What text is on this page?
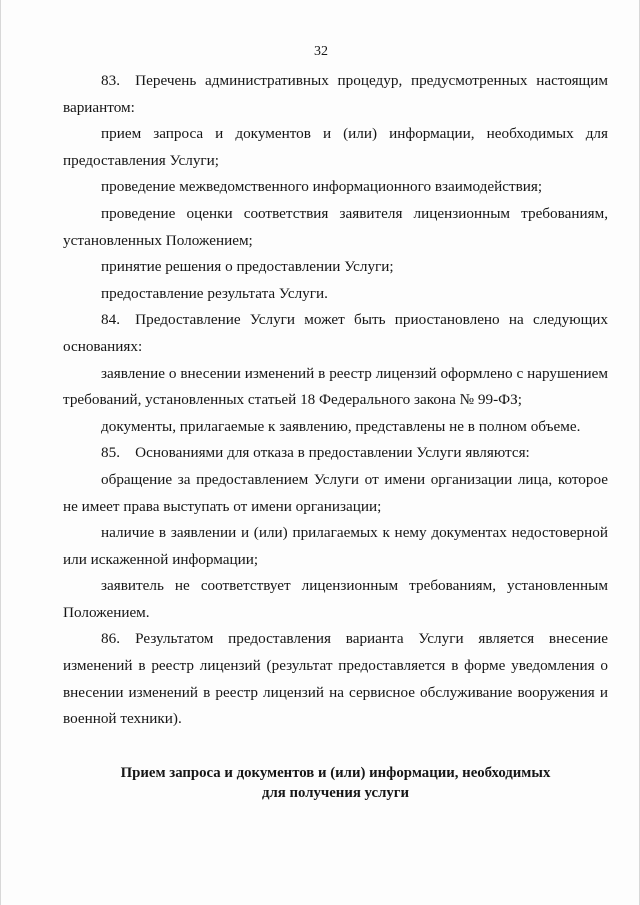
32

83. Перечень административных процедур, предусмотренных настоящим вариантом:

прием запроса и документов и (или) информации, необходимых для предоставления Услуги;

проведение межведомственного информационного взаимодействия;

проведение оценки соответствия заявителя лицензионным требованиям, установленных Положением;

принятие решения о предоставлении Услуги;

предоставление результата Услуги.

84. Предоставление Услуги может быть приостановлено на следующих основаниях:

заявление о внесении изменений в реестр лицензий оформлено с нарушением требований, установленных статьей 18 Федерального закона № 99-ФЗ;

документы, прилагаемые к заявлению, представлены не в полном объеме.

85. Основаниями для отказа в предоставлении Услуги являются:

обращение за предоставлением Услуги от имени организации лица, которое не имеет права выступать от имени организации;

наличие в заявлении и (или) прилагаемых к нему документах недостоверной или искаженной информации;

заявитель не соответствует лицензионным требованиям, установленным Положением.

86. Результатом предоставления варианта Услуги является внесение изменений в реестр лицензий (результат предоставляется в форме уведомления о внесении изменений в реестр лицензий на сервисное обслуживание вооружения и военной техники).

Прием запроса и документов и (или) информации, необходимых
для получения услуги
